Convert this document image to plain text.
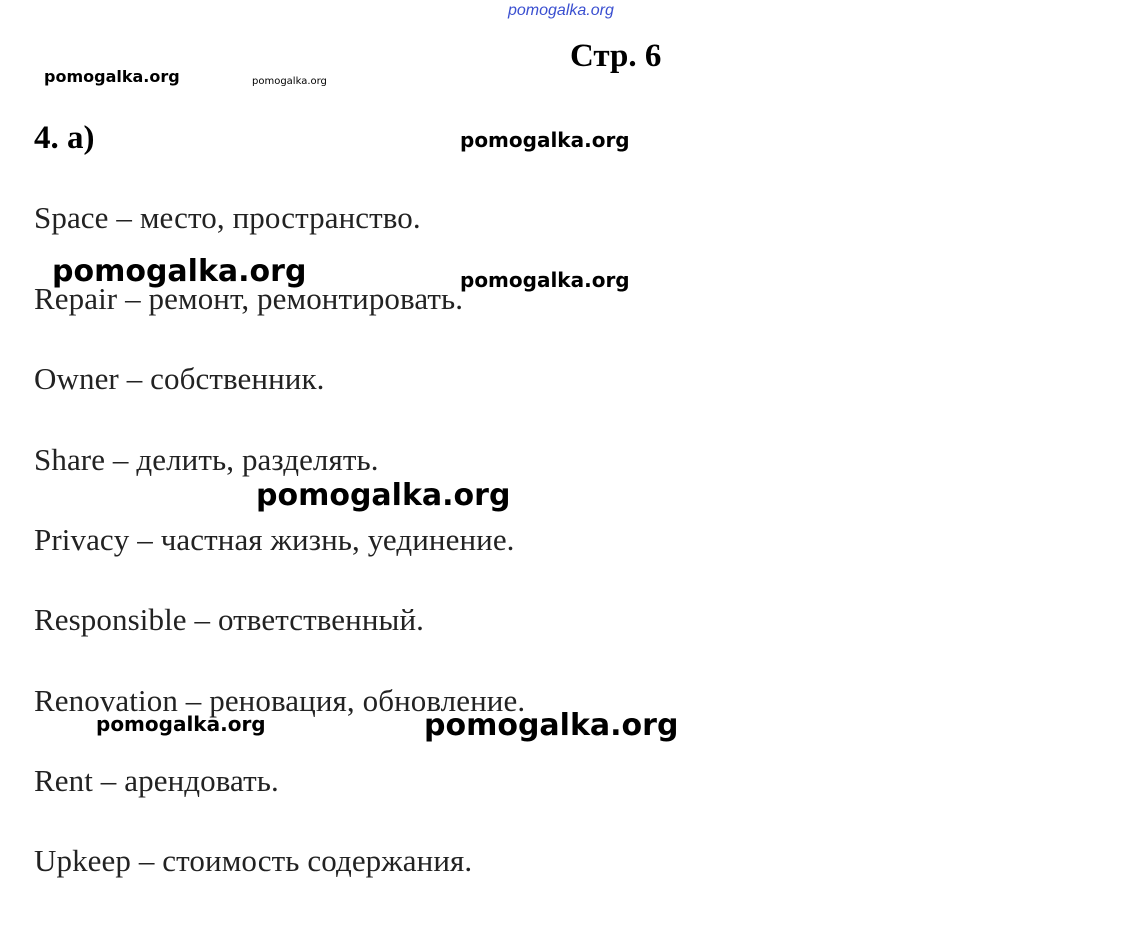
pomogalka.org
pomogalka.org	pomogalka.org
pomogalka.org
pomogalka.org	pomogalka.org
pomogalka.org
pomogalka.org	pomogalka.org
Стр. 6
4. а)
Space – место, пространство.
Repair – ремонт, ремонтировать.
Owner – собственник.
Share – делить, разделять.
Privacy – частная жизнь, уединение.
Responsible – ответственный.
Renovation – реновация, обновление.
Rent – арендовать.
Upkeep – стоимость содержания.
